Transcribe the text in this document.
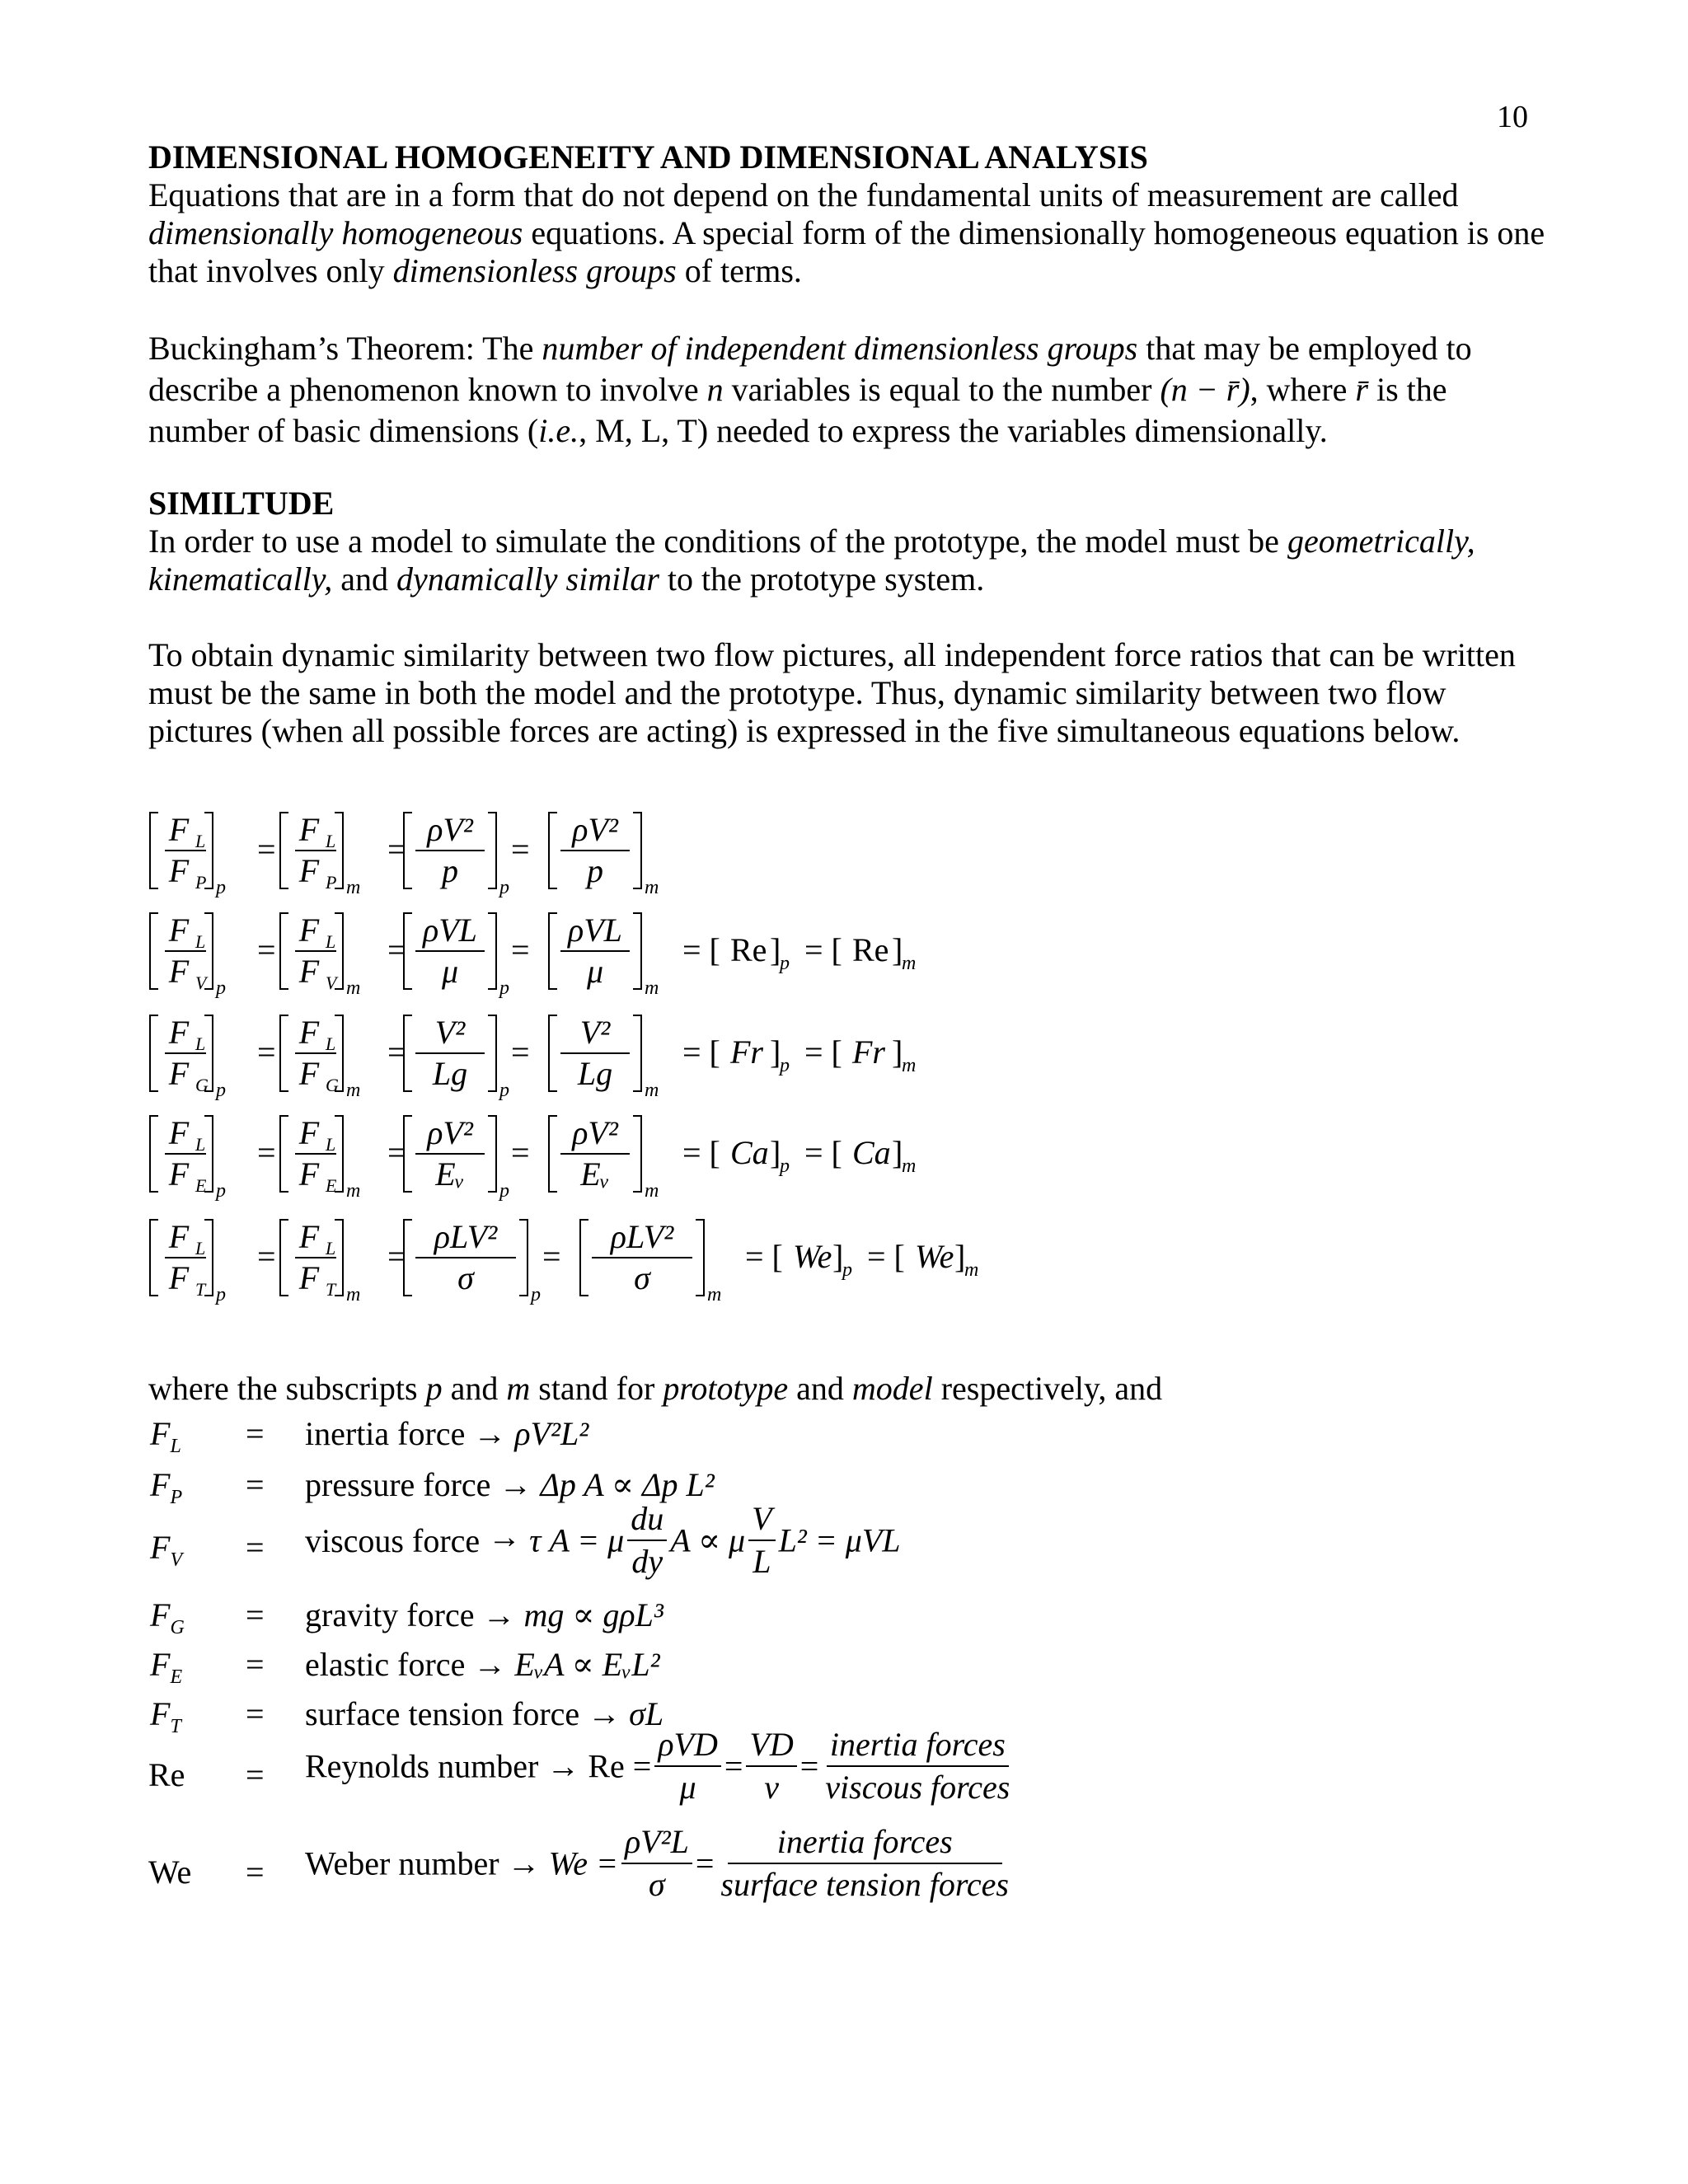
10
DIMENSIONAL HOMOGENEITY AND DIMENSIONAL ANALYSIS
Equations that are in a form that do not depend on the fundamental units of measurement are called dimensionally homogeneous equations. A special form of the dimensionally homogeneous equation is one that involves only dimensionless groups of terms.
Buckingham’s Theorem: The number of independent dimensionless groups that may be employed to describe a phenomenon known to involve n variables is equal to the number (n − r̄), where r̄ is the number of basic dimensions (i.e., M, L, T) needed to express the variables dimensionally.
SIMILTUDE
In order to use a model to simulate the conditions of the prototype, the model must be geometrically, kinematically, and dynamically similar to the prototype system.
To obtain dynamic similarity between two flow pictures, all independent force ratios that can be written must be the same in both the model and the prototype. Thus, dynamic similarity between two flow pictures (when all possible forces are acting) is expressed in the five simultaneous equations below.
p
F L
F P
=
m
F L
F P
=
p
ρV²
p
=
m
ρV²
p
p
F L
F V
=
m
F L
F V
=
p
ρVL
μ
=
m
ρVL
μ
= [ Re ]
p = [ Re ]
m
p
F L
F G
=
m
F L
F G
=
p
V²
Lg
=
m
V²
Lg
= [ Fr ]
p = [ Fr ]
m
p
F L
F E
=
m
F L
F E
=
p
ρV²
Eᵥ
=
m
ρV²
Eᵥ
= [ Ca ]
p = [ Ca ]
m
p
F L
F T
=
m
F L
F T
=
p
ρLV²
σ
=
m
ρLV²
σ
= [ We ]
p = [ We ]
m
where the subscripts p and m stand for prototype and model respectively, and
$F_L$ = inertia force → ρV²L²
$F_P$ = pressure force → Δp A ∝ Δp L²
$F_V$ = viscous force → τ A = μ $\frac{du}{dy}$ A ∝ μ $\frac{V}{L} L^2 = \mu VL$
$F_G$ = gravity force → mg ∝ gρL³
$F_E$ = elastic force → EᵥA ∝ EᵥL²
$F_T$ = surface tension force → σL
Re = Reynolds number → $Re = \frac{\text{ρVD}}{\mu} = \frac{VD}{\nu} = \frac{\text{inertia forces}}{\text{viscous forces}}$
We = Weber number → $We = \frac{\text{ρV²L}}{\sigma} = \frac{\text{inertia forces}}{\text{surface tension forces}}$
